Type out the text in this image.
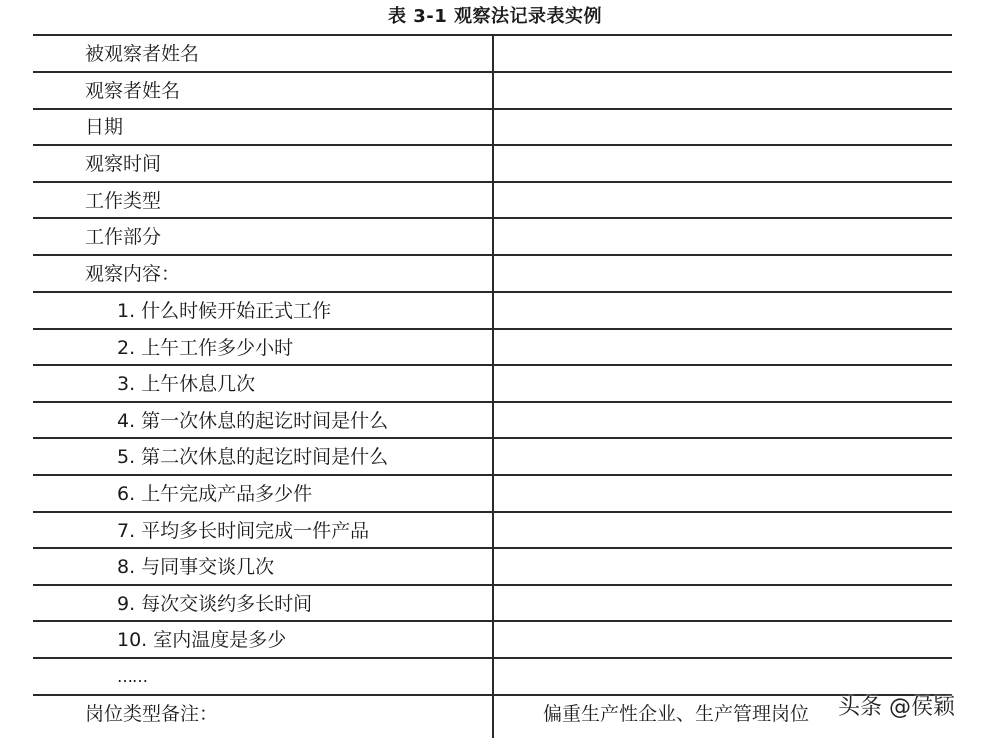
表 3-1 观察法记录表实例
被观察者姓名
观察者姓名
日期
观察时间
工作类型
工作部分
观察内容：
1. 什么时候开始正式工作
2. 上午工作多少小时
3. 上午休息几次
4. 第一次休息的起讫时间是什么
5. 第二次休息的起讫时间是什么
6. 上午完成产品多少件
7. 平均多长时间完成一件产品
8. 与同事交谈几次
9. 每次交谈约多长时间
10. 室内温度是多少
……
岗位类型备注：	偏重生产性企业、生产管理岗位 头条 @侯颖
